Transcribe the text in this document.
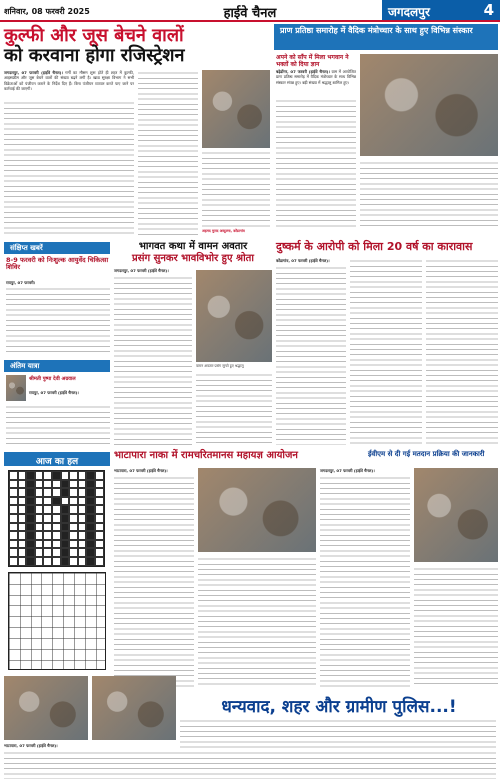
शनिवार, 08 फरवरी 2025	हाईवे चैनल	जगदलपुर	4
कुल्फी और जूस बेचने वालों
को करवाना होगा रजिस्ट्रेशन

जगदलपुर, 07 फरवरी (हाईवे चैनल)। गर्मी का मौसम शुरू होते ही शहर में कुल्फी, आइसक्रीम और जूस बेचने वालों की संख्या बढ़ने लगी है। खाद्य सुरक्षा विभाग ने सभी विक्रेताओं को पंजीयन कराने के निर्देश दिए हैं। बिना पंजीयन व्यापार करते पाए जाने पर कार्रवाई की जाएगी।

अहमद मुराद अब्दुल्ला, कोंडागांव
प्राण प्रतिष्ठा समारोह में वैदिक मंत्रोच्चार के साथ हुए विभिन्न संस्कार
अपने को साँप में मिला भगवान ने भक्तों को दिया ज्ञान

बड़ेडोंगर, 07 फरवरी (हाईवे चैनल)। ग्राम में आयोजित प्राण प्रतिष्ठा समारोह में वैदिक मंत्रोच्चार के साथ विभिन्न संस्कार संपन्न हुए। बड़ी संख्या में श्रद्धालु शामिल हुए।

संक्षिप्त खबरें
8-9 फरवरी को निःशुल्क आयुर्वेद चिकित्सा शिविर
रायपुर, 07 फरवरी।
अंतिम यात्रा
श्रीमती पुष्पा देवी अग्रवाल
रायपुर, 07 फरवरी (हाईवे चैनल)।
आज का हल
भागवत कथा में वामन अवतार
प्रसंग सुनकर भावविभोर हुए श्रोता
जगदलपुर, 07 फरवरी (हाईवे चैनल)।
वामन अवतार प्रसंग सुनते हुए श्रद्धालु
दुष्कर्म के आरोपी को मिला 20 वर्ष का कारावास
कोंडागांव, 07 फरवरी (हाईवे चैनल)।
भाटापारा नाका में रामचरितमानस महायज्ञ आयोजन
भाटापारा, 07 फरवरी (हाईवे चैनल)।
ईवीएम से दी गई मतदान प्रक्रिया की जानकारी
जगदलपुर, 07 फरवरी (हाईवे चैनल)।
धन्यवाद, शहर और ग्रामीण पुलिस...!
भाटापारा, 07 फरवरी (हाईवे चैनल)।
